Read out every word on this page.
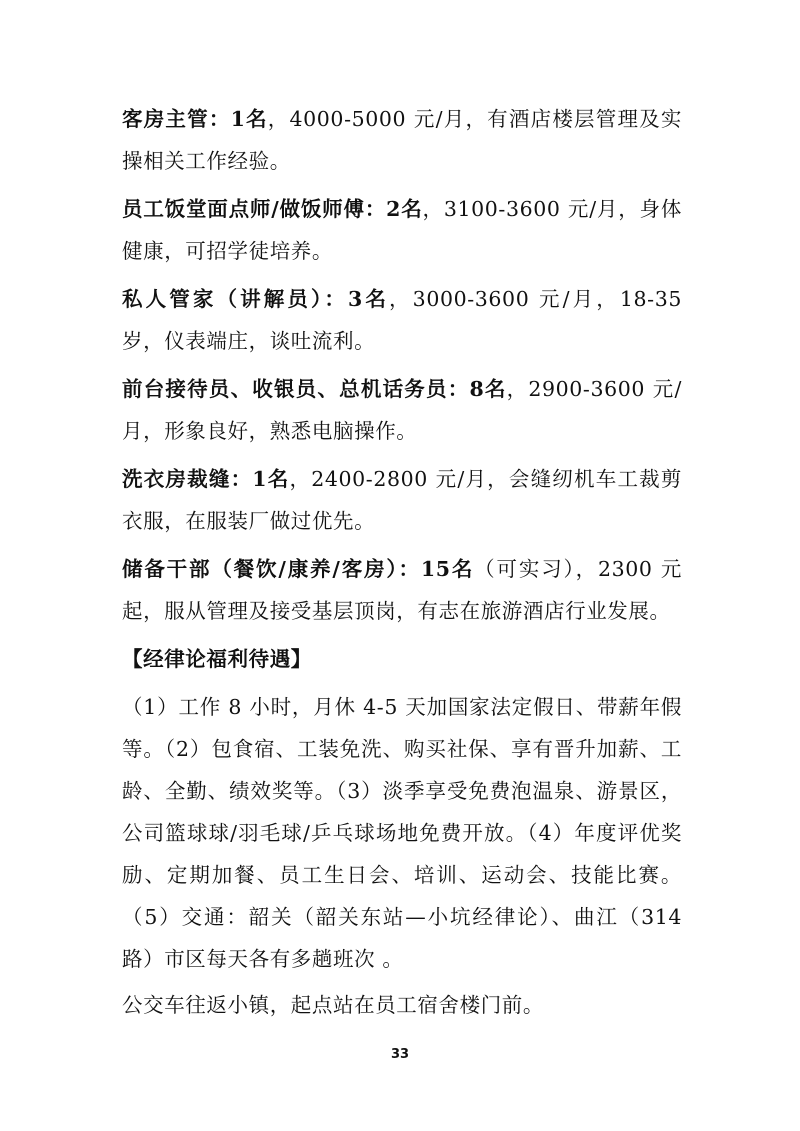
客房主管：1名，4000-5000 元/月，有酒店楼层管理及实操相关工作经验。

员工饭堂面点师/做饭师傅：2名，3100-3600 元/月，身体健康，可招学徒培养。

私人管家（讲解员）：3名，3000-3600 元/月，18-35 岁，仪表端庄，谈吐流利。

前台接待员、收银员、总机话务员：8名，2900-3600 元/月，形象良好，熟悉电脑操作。

洗衣房裁缝：1名，2400-2800 元/月，会缝纫机车工裁剪衣服，在服装厂做过优先。

储备干部（餐饮/康养/客房）：15名（可实习），2300 元起，服从管理及接受基层顶岗，有志在旅游酒店行业发展。

【经律论福利待遇】

（1）工作 8 小时，月休 4-5 天加国家法定假日、带薪年假等。（2）包食宿、工装免洗、购买社保、享有晋升加薪、工龄、全勤、绩效奖等。（3）淡季享受免费泡温泉、游景区，公司篮球球/羽毛球/乒乓球场地免费开放。（4）年度评优奖励、定期加餐、员工生日会、培训、运动会、技能比赛。（5）交通：韶关（韶关东站—小坑经律论）、曲江（314 路）市区每天各有多趟班次 。

公交车往返小镇，起点站在员工宿舍楼门前。

33
